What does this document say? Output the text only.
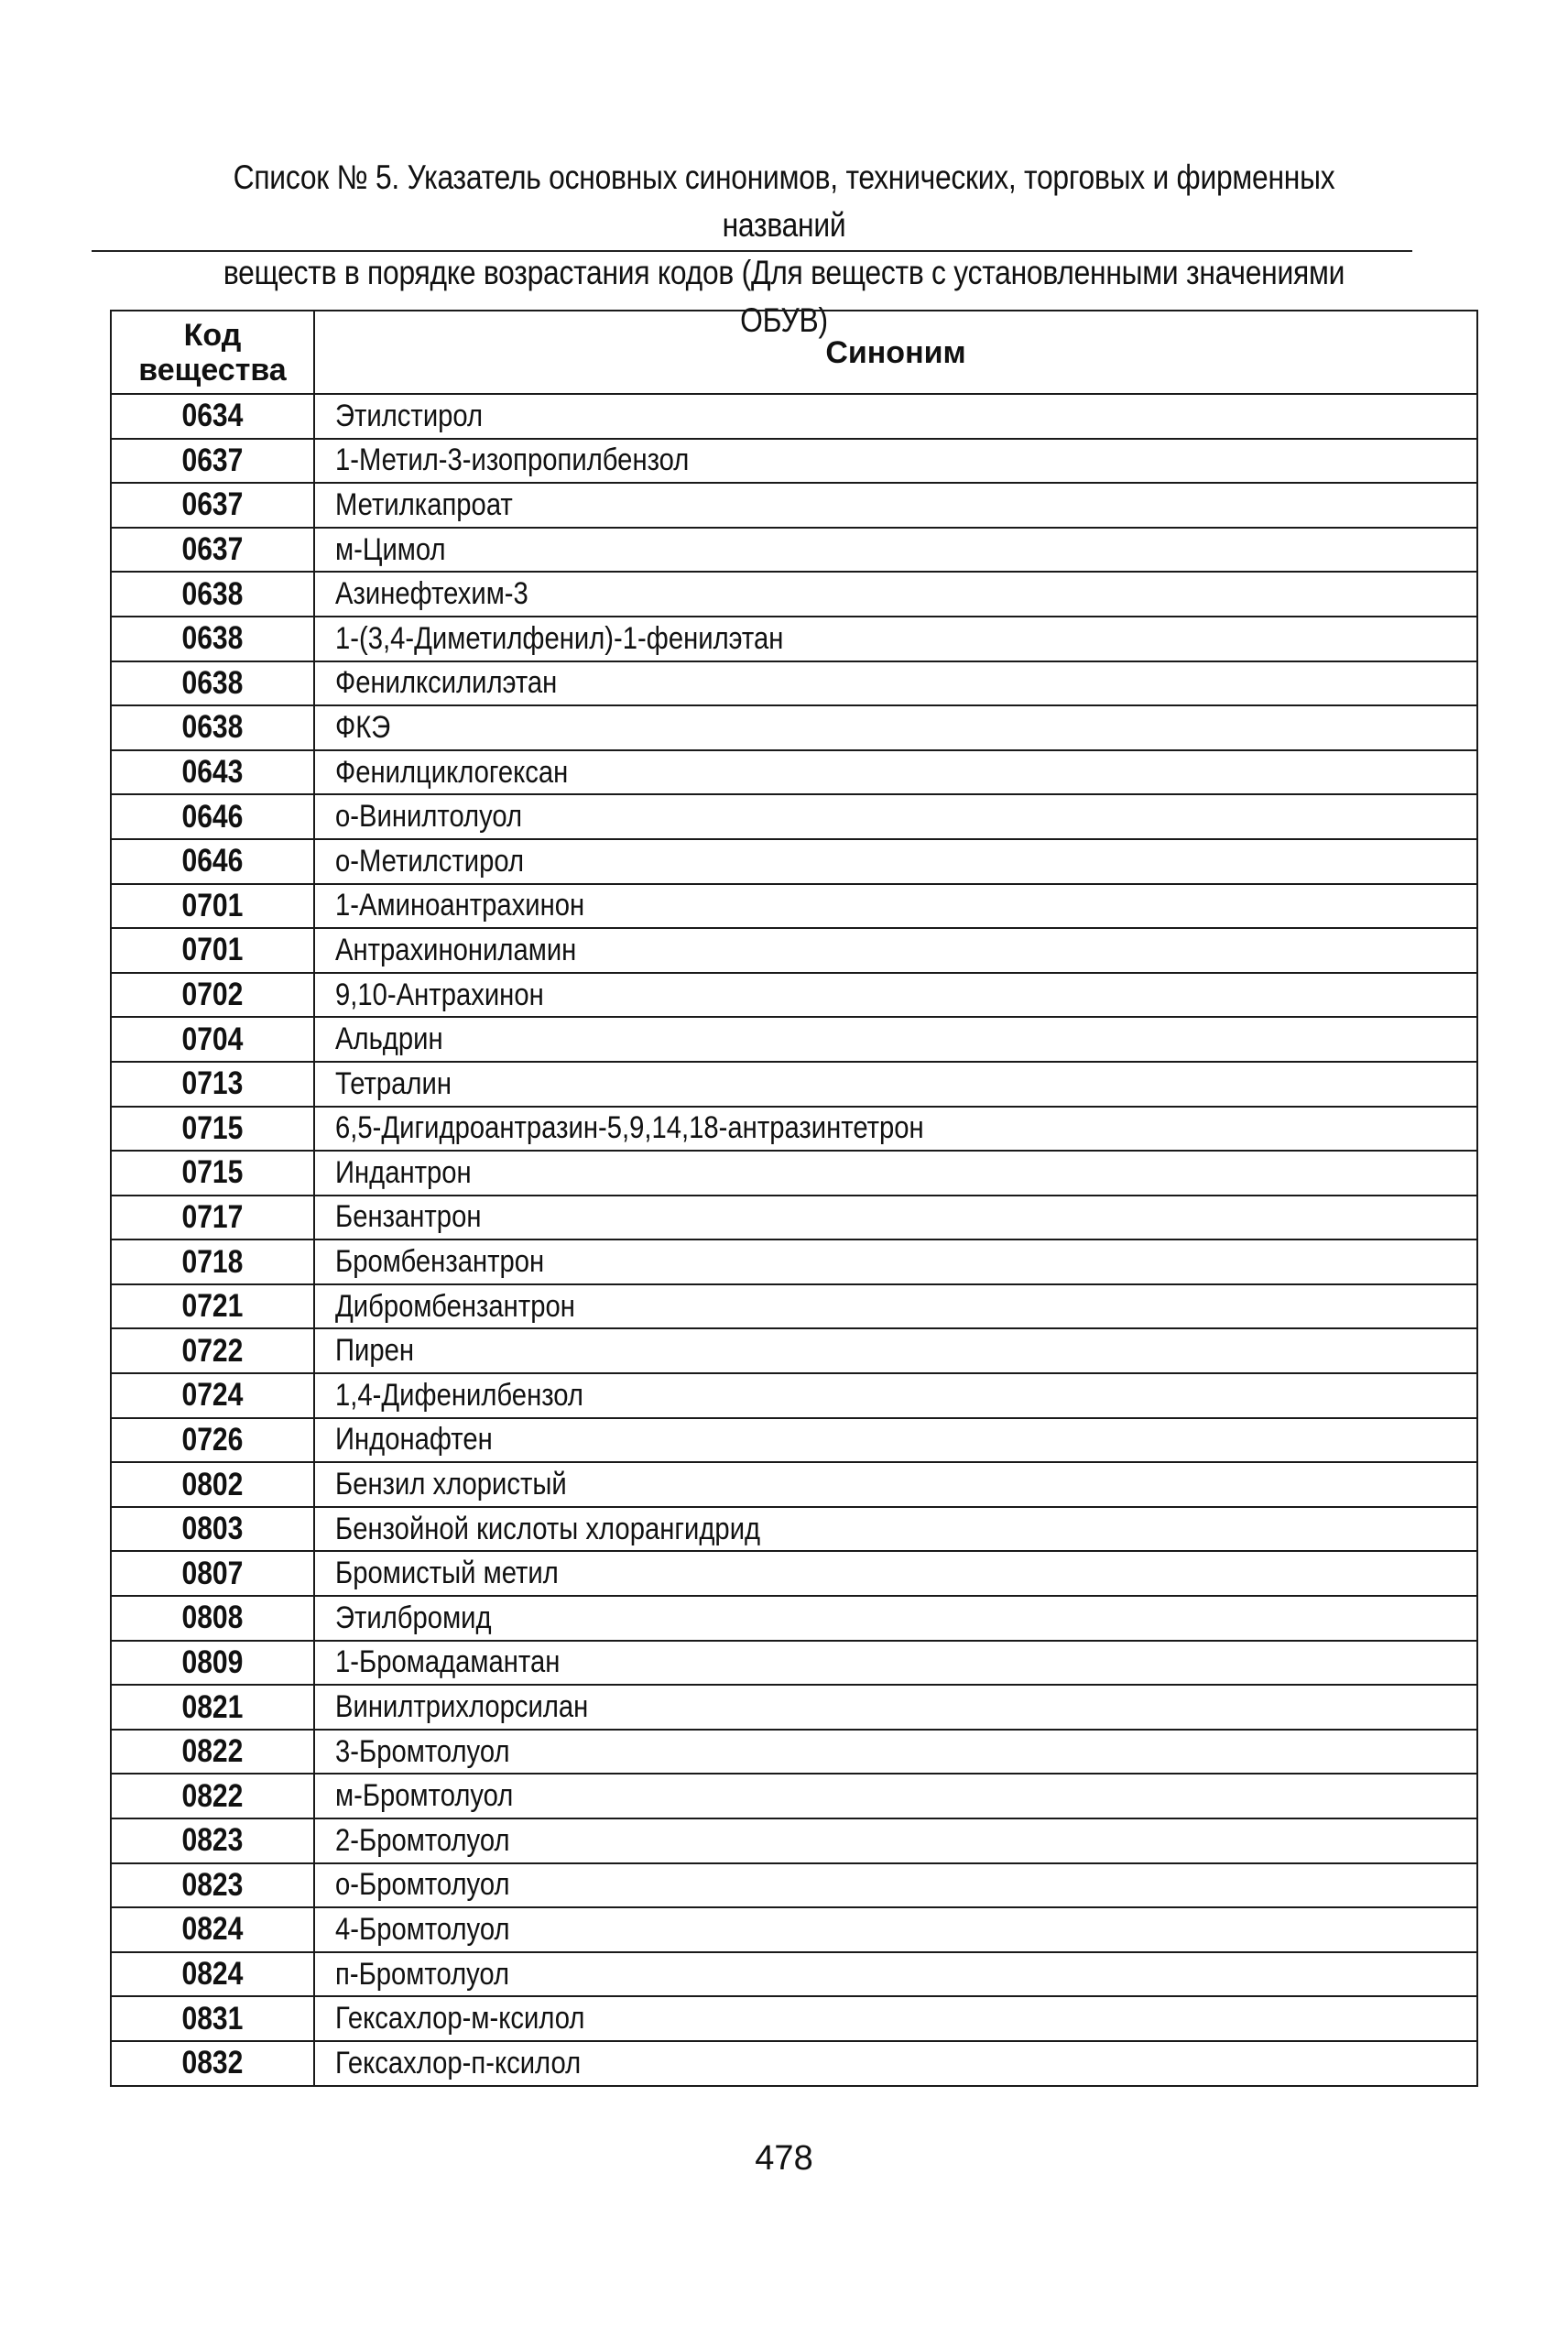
Список № 5. Указатель основных синонимов, технических, торговых и фирменных названий
веществ в порядке возрастания кодов (Для веществ с установленными значениями ОБУВ)
Код
вещества	Синоним
0634	Этилстирол
0637	1-Метил-3-изопропилбензол
0637	Метилкапроат
0637	м-Цимол
0638	Азинефтехим-3
0638	1-(3,4-Диметилфенил)-1-фенилэтан
0638	Фенилксилилэтан
0638	ФКЭ
0643	Фенилциклогексан
0646	о-Винилтолуол
0646	о-Метилстирол
0701	1-Аминоантрахинон
0701	Антрахинониламин
0702	9,10-Антрахинон
0704	Альдрин
0713	Тетралин
0715	6,5-Дигидроантразин-5,9,14,18-антразинтетрон
0715	Индантрон
0717	Бензантрон
0718	Бромбензантрон
0721	Дибромбензантрон
0722	Пирен
0724	1,4-Дифенилбензол
0726	Индонафтен
0802	Бензил хлористый
0803	Бензойной кислоты хлорангидрид
0807	Бромистый метил
0808	Этилбромид
0809	1-Бромадамантан
0821	Винилтрихлорсилан
0822	3-Бромтолуол
0822	м-Бромтолуол
0823	2-Бромтолуол
0823	о-Бромтолуол
0824	4-Бромтолуол
0824	п-Бромтолуол
0831	Гексахлор-м-ксилол
0832	Гексахлор-п-ксилол
478
